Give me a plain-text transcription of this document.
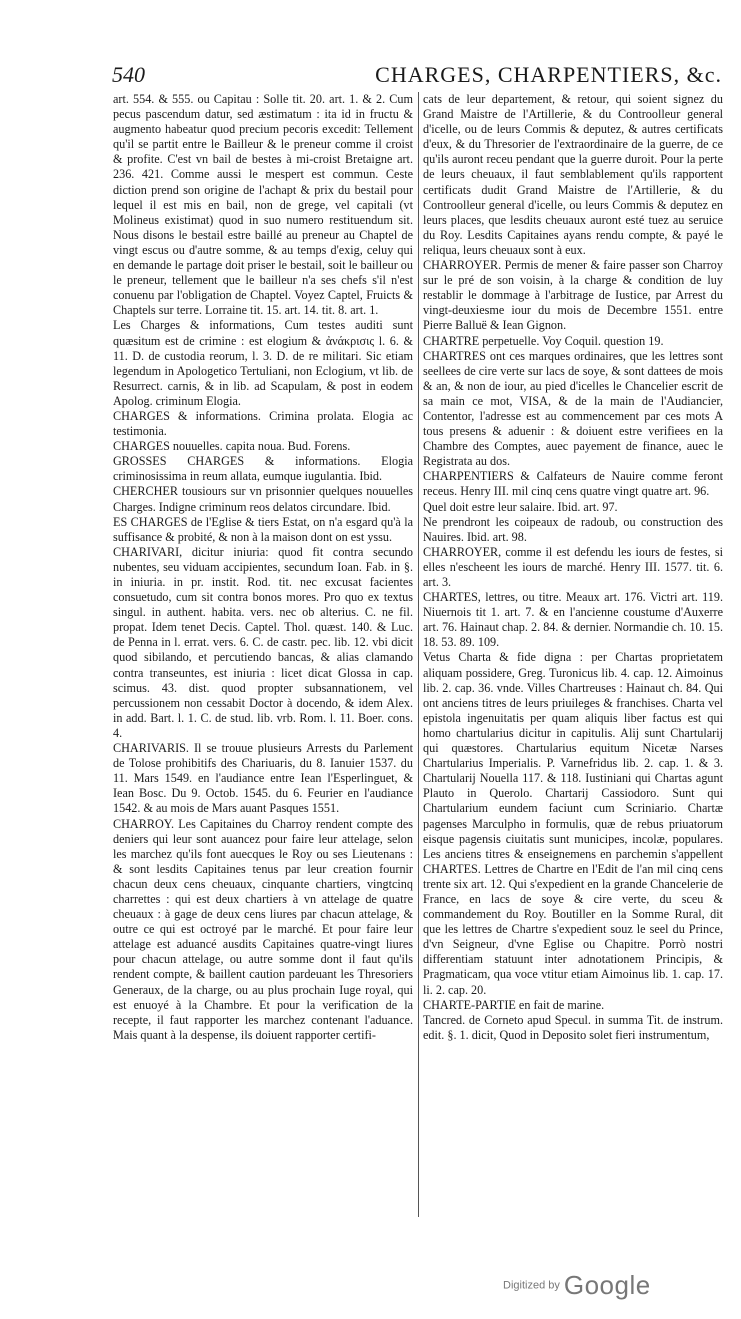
540	CHARGES, CHARPENTIERS, &c.

art. 554. & 555. ou Capitau : Solle tit. 20. art. 1. & 2. Cum pecus pascendum datur, sed æstimatum : ita id in fructu & augmento habeatur quod precium pecoris excedit: Tellement qu'il se partit entre le Bailleur & le preneur comme il croist & profite. C'est vn bail de bestes à mi-croist Bretaigne art. 236. 421. Comme aussi le mespert est commun. Ceste diction prend son origine de l'achapt & prix du bestail pour lequel il est mis en bail, non de grege, vel capitali (vt Molineus existimat) quod in suo numero restituendum sit. Nous disons le bestail estre baillé au preneur au Chaptel de vingt escus ou d'autre somme, & au temps d'exig, celuy qui en demande le partage doit priser le bestail, soit le bailleur ou le preneur, tellement que le bailleur n'a ses chefs s'il n'est conuenu par l'obligation de Chaptel. Voyez Captel, Fruicts & Chaptels sur terre. Lorraine tit. 15. art. 14. tit. 8. art. 1.

Les Charges & informations, Cum testes auditi sunt quæsitum est de crimine : est elogium & ἀνάκρισις l. 6. & 11. D. de custodia reorum, l. 3. D. de re militari. Sic etiam legendum in Apologetico Tertuliani, non Eclogium, vt lib. de Resurrect. carnis, & in lib. ad Scapulam, & post in eodem Apolog. criminum Elogia.

CHARGES & informations. Crimina prolata. Elogia ac testimonia.

CHARGES nouuelles. capita noua. Bud. Forens.

GROSSES CHARGES & informations. Elogia criminosissima in reum allata, eumque iugulantia. Ibid.

CHERCHER tousiours sur vn prisonnier quelques nouuelles Charges. Indigne criminum reos delatos circundare. Ibid.

ES CHARGES de l'Eglise & tiers Estat, on n'a esgard qu'à la suffisance & probité, & non à la maison dont on est yssu.

CHARIVARI, dicitur iniuria: quod fit contra secundo nubentes, seu viduam accipientes, secundum Ioan. Fab. in §. in iniuria. in pr. instit. Rod. tit. nec excusat facientes consuetudo, cum sit contra bonos mores. Pro quo ex textus singul. in authent. habita. vers. nec ob alterius. C. ne fil. propat. Idem tenet Decis. Captel. Thol. quæst. 140. & Luc. de Penna in l. errat. vers. 6. C. de castr. pec. lib. 12. vbi dicit quod sibilando, et percutiendo bancas, & alias clamando contra transeuntes, est iniuria : licet dicat Glossa in cap. scimus. 43. dist. quod propter subsannationem, vel percussionem non cessabit Doctor à docendo, & idem Alex. in add. Bart. l. 1. C. de stud. lib. vrb. Rom. l. 11. Boer. cons. 4.

CHARIVARIS. Il se trouue plusieurs Arrests du Parlement de Tolose prohibitifs des Chariuaris, du 8. Ianuier 1537. du 11. Mars 1549. en l'audiance entre Iean l'Esperlinguet, & Iean Bosc. Du 9. Octob. 1545. du 6. Feurier en l'audiance 1542. & au mois de Mars auant Pasques 1551.

CHARROY. Les Capitaines du Charroy rendent compte des deniers qui leur sont auancez pour faire leur attelage, selon les marchez qu'ils font auecques le Roy ou ses Lieutenans : & sont lesdits Capitaines tenus par leur creation fournir chacun deux cens cheuaux, cinquante chartiers, vingtcinq charrettes : qui est deux chartiers à vn attelage de quatre cheuaux : à gage de deux cens liures par chacun attelage, & outre ce qui est octroyé par le marché. Et pour faire leur attelage est aduancé ausdits Capitaines quatre-vingt liures pour chacun attelage, ou autre somme dont il faut qu'ils rendent compte, & baillent caution pardeuant les Thresoriers Generaux, de la charge, ou au plus prochain Iuge royal, qui est enuoyé à la Chambre. Et pour la verification de la recepte, il faut rapporter les marchez contenant l'aduance. Mais quant à la despense, ils doiuent rapporter certifi-

cats de leur departement, & retour, qui soient signez du Grand Maistre de l'Artillerie, & du Controolleur general d'icelle, ou de leurs Commis & deputez, & autres certificats d'eux, & du Thresorier de l'extraordinaire de la guerre, de ce qu'ils auront receu pendant que la guerre duroit. Pour la perte de leurs cheuaux, il faut semblablement qu'ils rapportent certificats dudit Grand Maistre de l'Artillerie, & du Controolleur general d'icelle, ou leurs Commis & deputez en leurs places, que lesdits cheuaux auront esté tuez au seruice du Roy. Lesdits Capitaines ayans rendu compte, & payé le reliqua, leurs cheuaux sont à eux.

CHARROYER. Permis de mener & faire passer son Charroy sur le pré de son voisin, à la charge & condition de luy restablir le dommage à l'arbitrage de Iustice, par Arrest du vingt-deuxiesme iour du mois de Decembre 1551. entre Pierre Balluë & Iean Gignon.

CHARTRE perpetuelle. Voy Coquil. question 19.

CHARTRES ont ces marques ordinaires, que les lettres sont seellees de cire verte sur lacs de soye, & sont dattees de mois & an, & non de iour, au pied d'icelles le Chancelier escrit de sa main ce mot, VISA, & de la main de l'Audiancier, Contentor, l'adresse est au commencement par ces mots A tous presens & aduenir : & doiuent estre verifiees en la Chambre des Comptes, auec payement de finance, auec le Registrata au dos.

CHARPENTIERS & Calfateurs de Nauire comme feront receus. Henry III. mil cinq cens quatre vingt quatre art. 96.

Quel doit estre leur salaire. Ibid. art. 97.

Ne prendront les coipeaux de radoub, ou construction des Nauires. Ibid. art. 98.

CHARROYER, comme il est defendu les iours de festes, si elles n'escheent les iours de marché. Henry III. 1577. tit. 6. art. 3.

CHARTES, lettres, ou titre. Meaux art. 176. Victri art. 119. Niuernois tit 1. art. 7. & en l'ancienne coustume d'Auxerre art. 76. Hainaut chap. 2. 84. & dernier. Normandie ch. 10. 15. 18. 53. 89. 109.

Vetus Charta & fide digna : per Chartas proprietatem aliquam possidere, Greg. Turonicus lib. 4. cap. 12. Aimoinus lib. 2. cap. 36. vnde. Villes Chartreuses : Hainaut ch. 84. Qui ont anciens titres de leurs priuileges & franchises. Charta vel epistola ingenuitatis per quam aliquis liber factus est qui homo chartularius dicitur in capitulis. Alij sunt Chartularij qui quæstores. Chartularius equitum Nicetæ Narses Chartularius Imperialis. P. Varnefridus lib. 2. cap. 1. & 3. Chartularij Nouella 117. & 118. Iustiniani qui Chartas agunt Plauto in Querolo. Chartarij Cassiodoro. Sunt qui Chartularium eundem faciunt cum Scriniario. Chartæ pagenses Marculpho in formulis, quæ de rebus priuatorum eisque pagensis ciuitatis sunt municipes, incolæ, populares. Les anciens titres & enseignemens en parchemin s'appellent CHARTES. Lettres de Chartre en l'Edit de l'an mil cinq cens trente six art. 12. Qui s'expedient en la grande Chancelerie de France, en lacs de soye & cire verte, du sceu & commandement du Roy. Boutiller en la Somme Rural, dit que les lettres de Chartre s'expedient souz le seel du Prince, d'vn Seigneur, d'vne Eglise ou Chapitre. Porrò nostri differentiam statuunt inter adnotationem Principis, & Pragmaticam, qua voce vtitur etiam Aimoinus lib. 1. cap. 17. li. 2. cap. 20.

CHARTE-PARTIE en fait de marine.

Tancred. de Corneto apud Specul. in summa Tit. de instrum. edit. §. 1. dicit, Quod in Deposito solet fieri instrumentum,

Digitized by Google
